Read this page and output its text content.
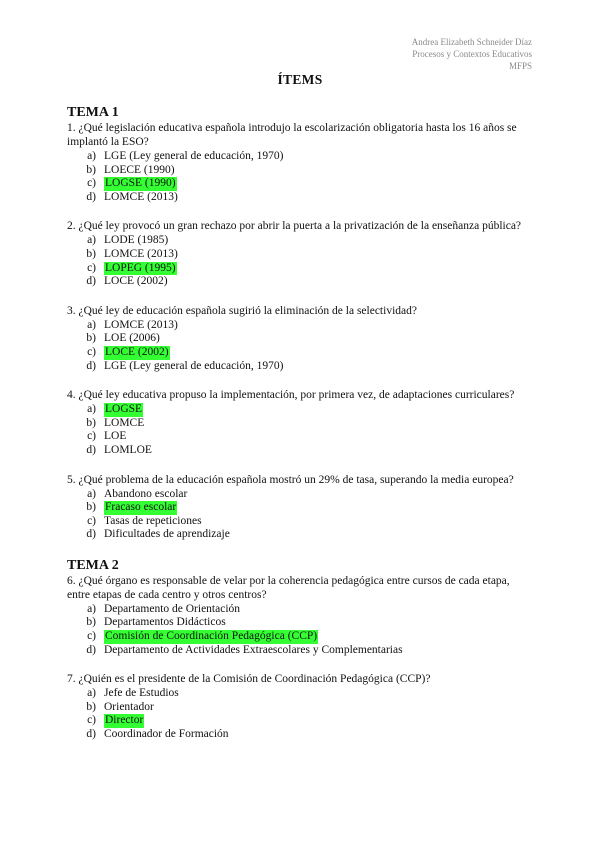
Andrea Elizabeth Schneider Díaz
Procesos y Contextos Educativos
MFPS
ÍTEMS
TEMA 1

1. ¿Qué legislación educativa española introdujo la escolarización obligatoria hasta los 16 años se implantó la ESO?

a) LGE (Ley general de educación, 1970)
b) LOECE (1990)
c) LOGSE (1990)
d) LOMCE (2013)

2. ¿Qué ley provocó un gran rechazo por abrir la puerta a la privatización de la enseñanza pública?

a) LODE (1985)
b) LOMCE (2013)
c) LOPEG (1995)
d) LOCE (2002)

3. ¿Qué ley de educación española sugirió la eliminación de la selectividad?

a) LOMCE (2013)
b) LOE (2006)
c) LOCE (2002)
d) LGE (Ley general de educación, 1970)

4. ¿Qué ley educativa propuso la implementación, por primera vez, de adaptaciones curriculares?

a) LOGSE
b) LOMCE
c) LOE
d) LOMLOE

5. ¿Qué problema de la educación española mostró un 29% de tasa, superando la media europea?

a) Abandono escolar
b) Fracaso escolar
c) Tasas de repeticiones
d) Dificultades de aprendizaje
TEMA 2

6. ¿Qué órgano es responsable de velar por la coherencia pedagógica entre cursos de cada etapa, entre etapas de cada centro y otros centros?

a) Departamento de Orientación
b) Departamentos Didácticos
c) Comisión de Coordinación Pedagógica (CCP)
d) Departamento de Actividades Extraescolares y Complementarias

7. ¿Quién es el presidente de la Comisión de Coordinación Pedagógica (CCP)?

a) Jefe de Estudios
b) Orientador
c) Director
d) Coordinador de Formación
